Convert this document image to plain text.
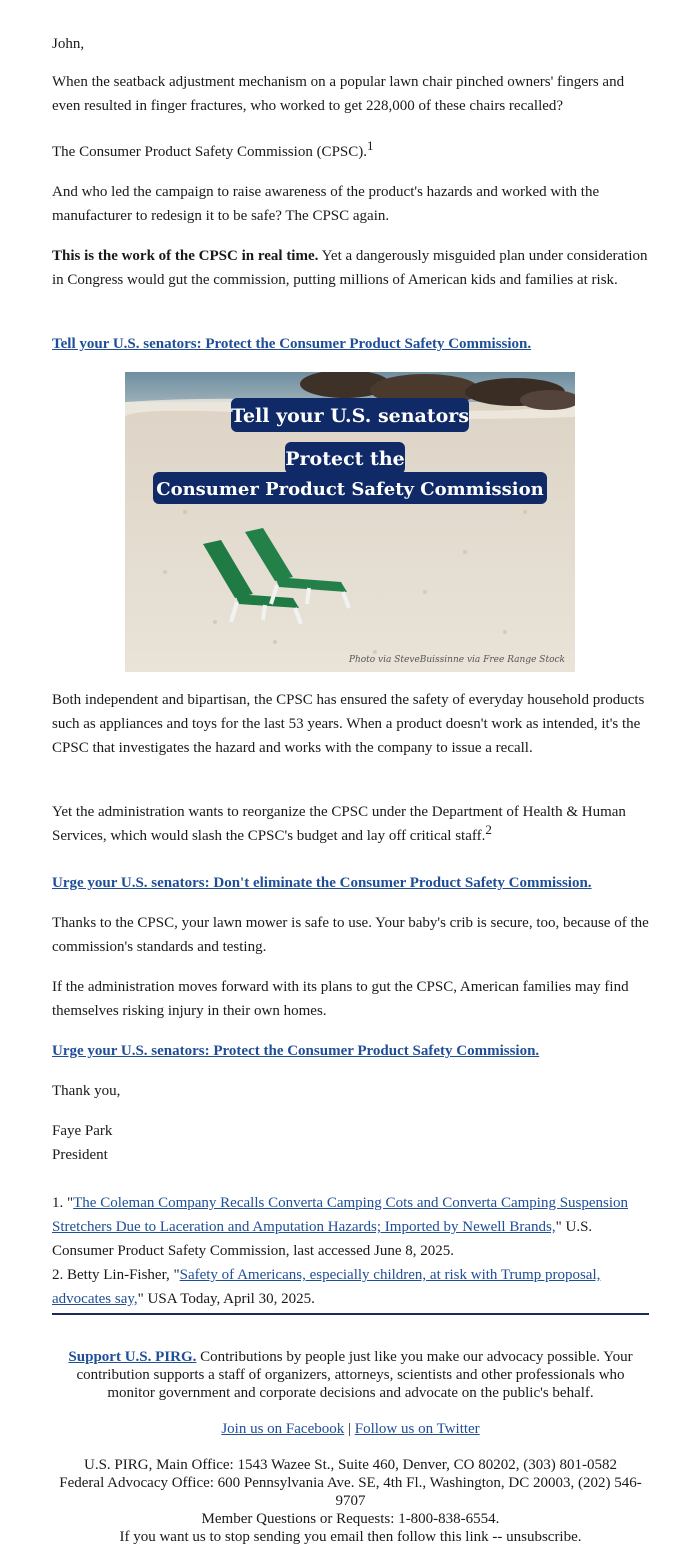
John,

When the seatback adjustment mechanism on a popular lawn chair pinched owners' fingers and even resulted in finger fractures, who worked to get 228,000 of these chairs recalled?

The Consumer Product Safety Commission (CPSC).$^1$

And who led the campaign to raise awareness of the product's hazards and worked with the manufacturer to redesign it to be safe? The CPSC again.

This is the work of the CPSC in real time. Yet a dangerously misguided plan under consideration in Congress would gut the commission, putting millions of American kids and families at risk.

Tell your U.S. senators: Protect the Consumer Product Safety Commission.

Tell your U.S. senators
Protect the
Consumer Product Safety Commission
Photo via SteveBuissinne via Free Range Stock

Both independent and bipartisan, the CPSC has ensured the safety of everyday household products such as appliances and toys for the last 53 years. When a product doesn't work as intended, it's the CPSC that investigates the hazard and works with the company to issue a recall.

Yet the administration wants to reorganize the CPSC under the Department of Health & Human Services, which would slash the CPSC's budget and lay off critical staff.$^2$

Urge your U.S. senators: Don't eliminate the Consumer Product Safety Commission.

Thanks to the CPSC, your lawn mower is safe to use. Your baby's crib is secure, too, because of the commission's standards and testing.

If the administration moves forward with its plans to gut the CPSC, American families may find themselves risking injury in their own homes.

Urge your U.S. senators: Protect the Consumer Product Safety Commission.

Thank you,

Faye Park

President

1. "The Coleman Company Recalls Converta Camping Cots and Converta Camping Suspension Stretchers Due to Laceration and Amputation Hazards; Imported by Newell Brands," U.S. Consumer Product Safety Commission, last accessed June 8, 2025.

2. Betty Lin-Fisher, "Safety of Americans, especially children, at risk with Trump proposal, advocates say," USA Today, April 30, 2025.

Support U.S. PIRG. Contributions by people just like you make our advocacy possible. Your contribution supports a staff of organizers, attorneys, scientists and other professionals who monitor government and corporate decisions and advocate on the public's behalf.

Join us on Facebook | Follow us on Twitter

U.S. PIRG, Main Office: 1543 Wazee St., Suite 460, Denver, CO 80202, (303) 801-0582

Federal Advocacy Office: 600 Pennsylvania Ave. SE, 4th Fl., Washington, DC 20003, (202) 546-9707

Member Questions or Requests: 1-800-838-6554.

If you want us to stop sending you email then follow this link -- unsubscribe.
